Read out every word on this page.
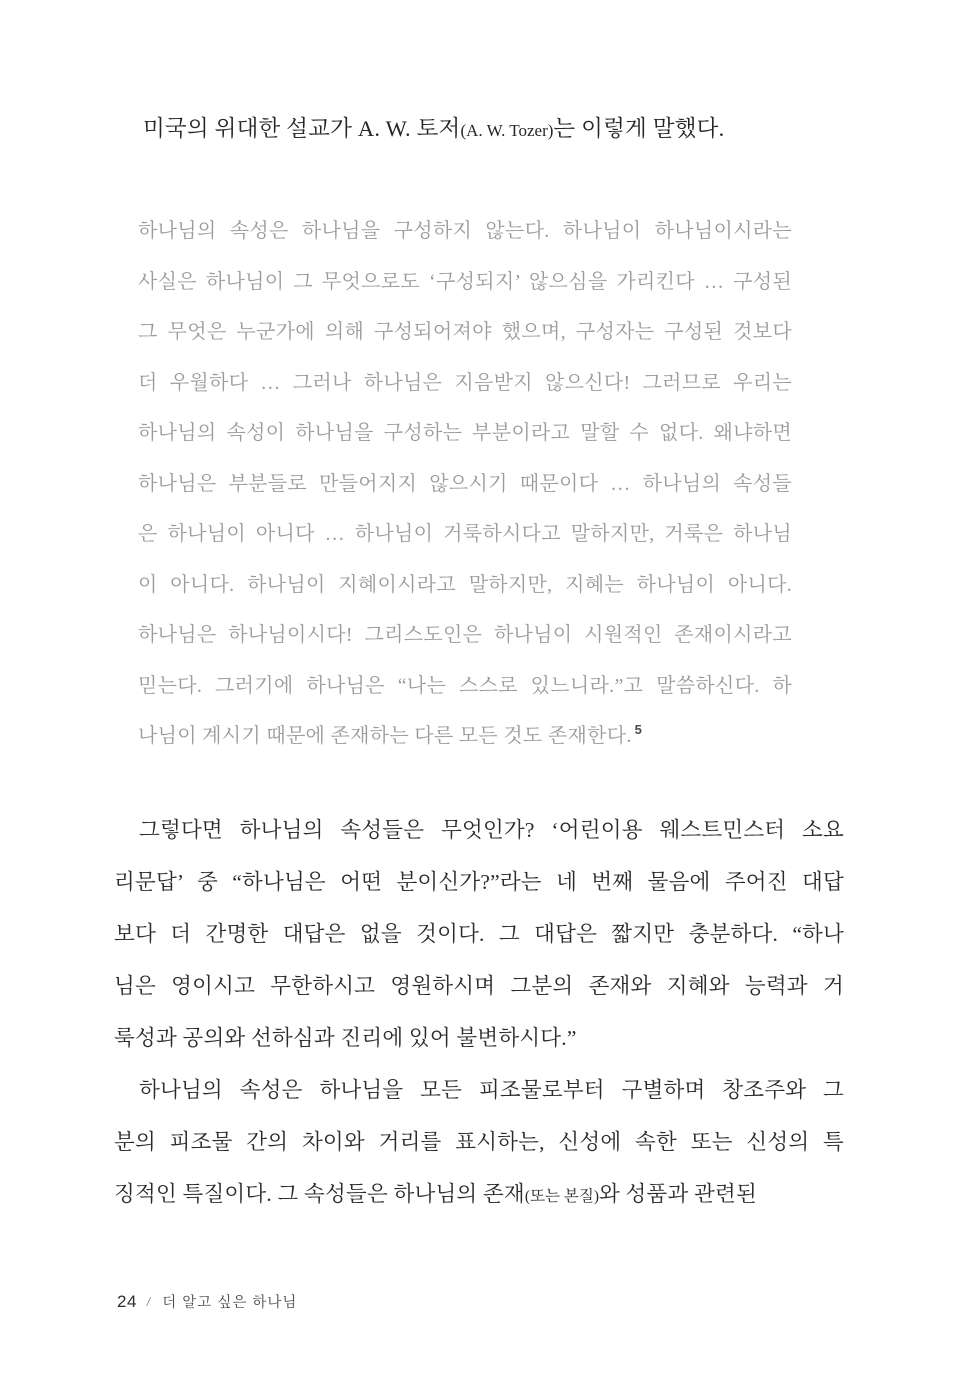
미국의 위대한 설교가 A. W. 토저(A. W. Tozer)는 이렇게 말했다.

하나님의 속성은 하나님을 구성하지 않는다. 하나님이 하나님이시라는
사실은 하나님이 그 무엇으로도 ‘구성되지’ 않으심을 가리킨다 … 구성된
그 무엇은 누군가에 의해 구성되어져야 했으며, 구성자는 구성된 것보다
더 우월하다 … 그러나 하나님은 지음받지 않으신다! 그러므로 우리는
하나님의 속성이 하나님을 구성하는 부분이라고 말할 수 없다. 왜냐하면
하나님은 부분들로 만들어지지 않으시기 때문이다 … 하나님의 속성들
은 하나님이 아니다 … 하나님이 거룩하시다고 말하지만, 거룩은 하나님
이 아니다. 하나님이 지혜이시라고 말하지만, 지혜는 하나님이 아니다.
하나님은 하나님이시다! 그리스도인은 하나님이 시원적인 존재이시라고
믿는다. 그러기에 하나님은 “나는 스스로 있느니라.”고 말씀하신다. 하
나님이 계시기 때문에 존재하는 다른 모든 것도 존재한다. $^5$
그렇다면 하나님의 속성들은 무엇인가? ‘어린이용 웨스트민스터 소요
리문답’ 중 “하나님은 어떤 분이신가?”라는 네 번째 물음에 주어진 대답
보다 더 간명한 대답은 없을 것이다. 그 대답은 짧지만 충분하다. “하나
님은 영이시고 무한하시고 영원하시며 그분의 존재와 지혜와 능력과 거
룩성과 공의와 선하심과 진리에 있어 불변하시다.”
하나님의 속성은 하나님을 모든 피조물로부터 구별하며 창조주와 그
분의 피조물 간의 차이와 거리를 표시하는, 신성에 속한 또는 신성의 특
징적인 특질이다. 그 속성들은 하나님의 존재(또는 본질)와 성품과 관련된
24 / 더 알고 싶은 하나님
